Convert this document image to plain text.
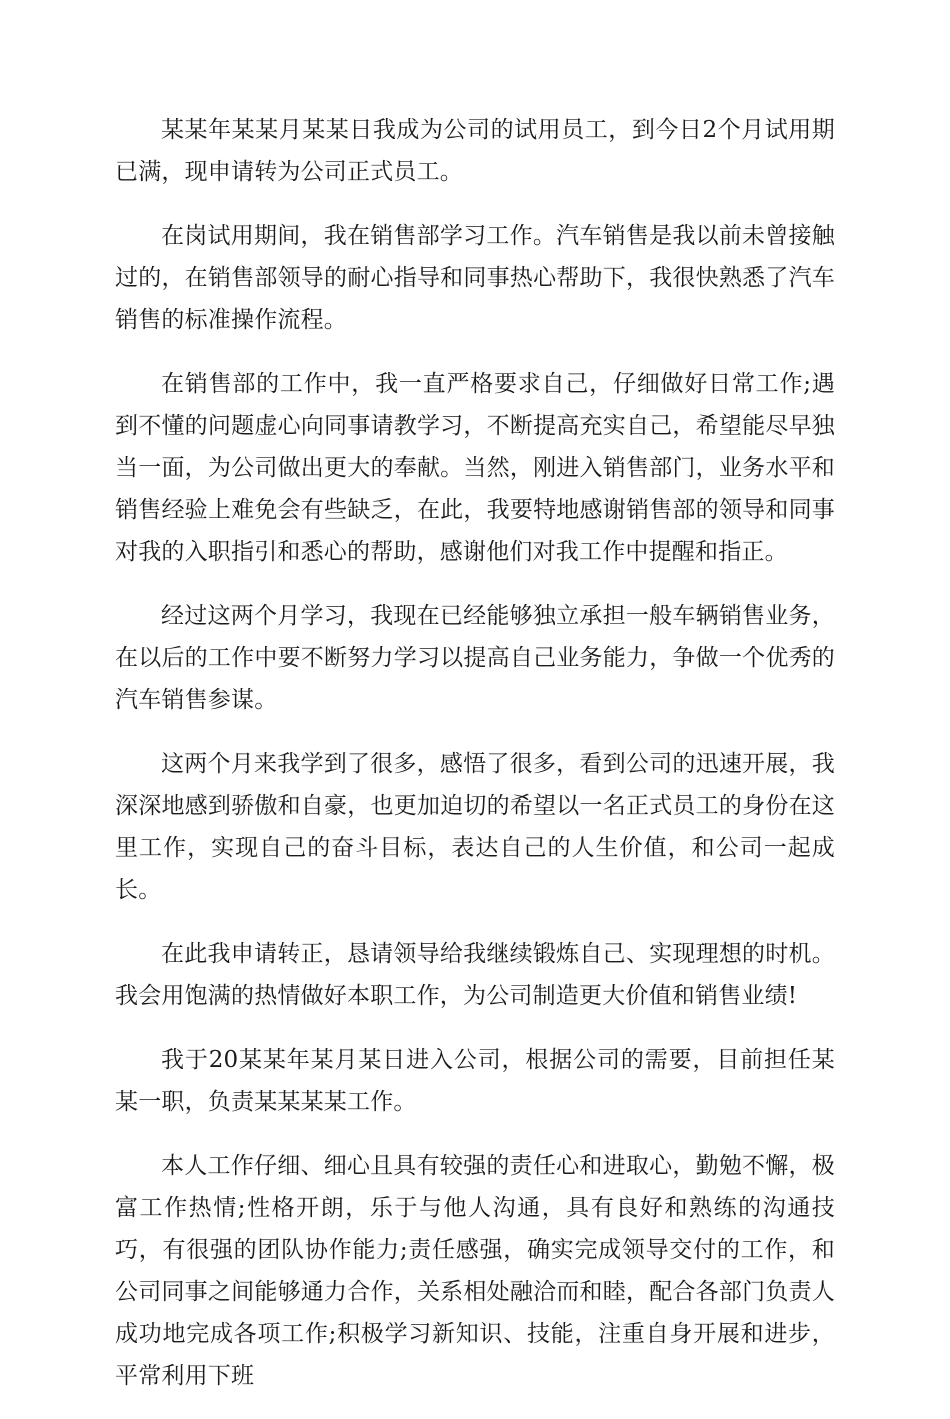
某某年某某月某某日我成为公司的试用员工，到今日2个月试用期已满，现申请转为公司正式员工。

在岗试用期间，我在销售部学习工作。汽车销售是我以前未曾接触过的，在销售部领导的耐心指导和同事热心帮助下，我很快熟悉了汽车销售的标准操作流程。

在销售部的工作中，我一直严格要求自己，仔细做好日常工作;遇到不懂的问题虚心向同事请教学习，不断提高充实自己，希望能尽早独当一面，为公司做出更大的奉献。当然，刚进入销售部门，业务水平和销售经验上难免会有些缺乏，在此，我要特地感谢销售部的领导和同事对我的入职指引和悉心的帮助，感谢他们对我工作中提醒和指正。

经过这两个月学习，我现在已经能够独立承担一般车辆销售业务，在以后的工作中要不断努力学习以提高自己业务能力，争做一个优秀的汽车销售参谋。

这两个月来我学到了很多，感悟了很多，看到公司的迅速开展，我深深地感到骄傲和自豪，也更加迫切的希望以一名正式员工的身份在这里工作，实现自己的奋斗目标，表达自己的人生价值，和公司一起成长。

在此我申请转正，恳请领导给我继续锻炼自己、实现理想的时机。我会用饱满的热情做好本职工作，为公司制造更大价值和销售业绩!

我于20某某年某月某日进入公司，根据公司的需要，目前担任某某一职，负责某某某某工作。

本人工作仔细、细心且具有较强的责任心和进取心，勤勉不懈，极富工作热情;性格开朗，乐于与他人沟通，具有良好和熟练的沟通技巧，有很强的团队协作能力;责任感强，确实完成领导交付的工作，和公司同事之间能够通力合作，关系相处融洽而和睦，配合各部门负责人成功地完成各项工作;积极学习新知识、技能，注重自身开展和进步，平常利用下班
